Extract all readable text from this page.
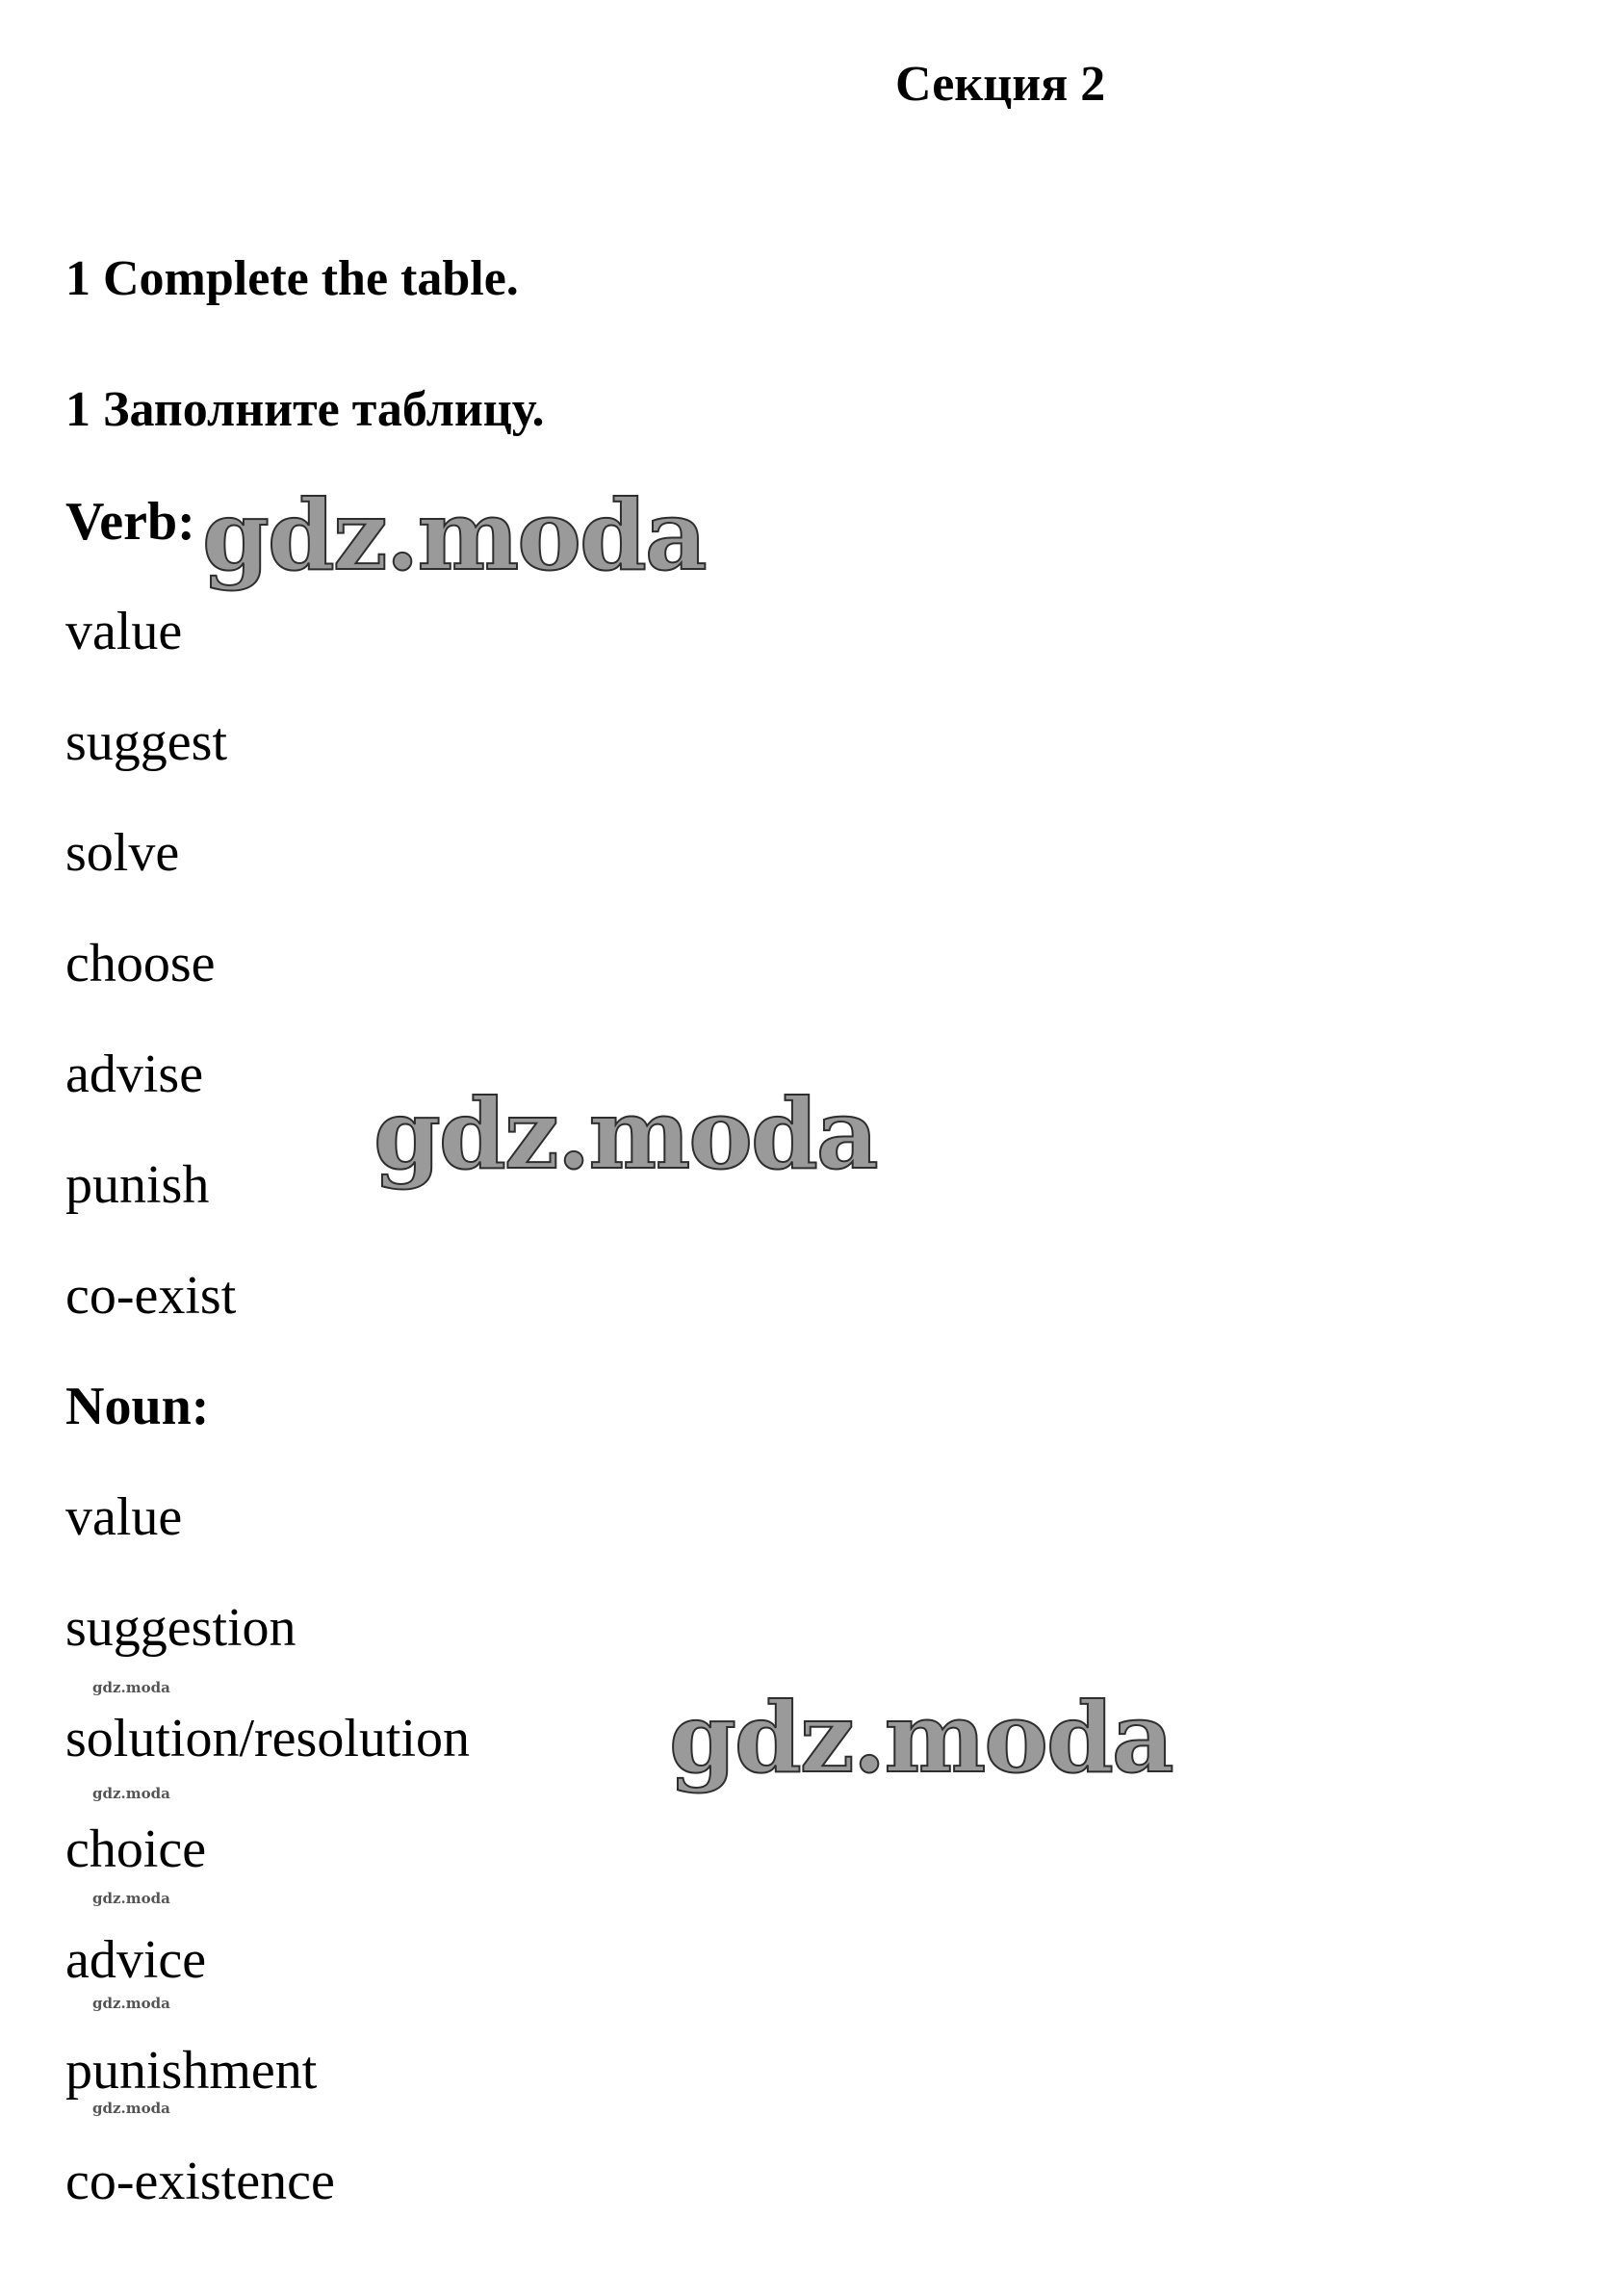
Секция 2
1 Complete the table.
1 Заполните таблицу.
Verb:
value
suggest
solve
choose
advise
punish
co-exist
Noun:
value
suggestion
solution/resolution
choice
advice
punishment
co-existence
gdz.moda
gdz.moda
gdz.moda
gdz.moda
gdz.moda
gdz.moda
gdz.moda
gdz.moda
